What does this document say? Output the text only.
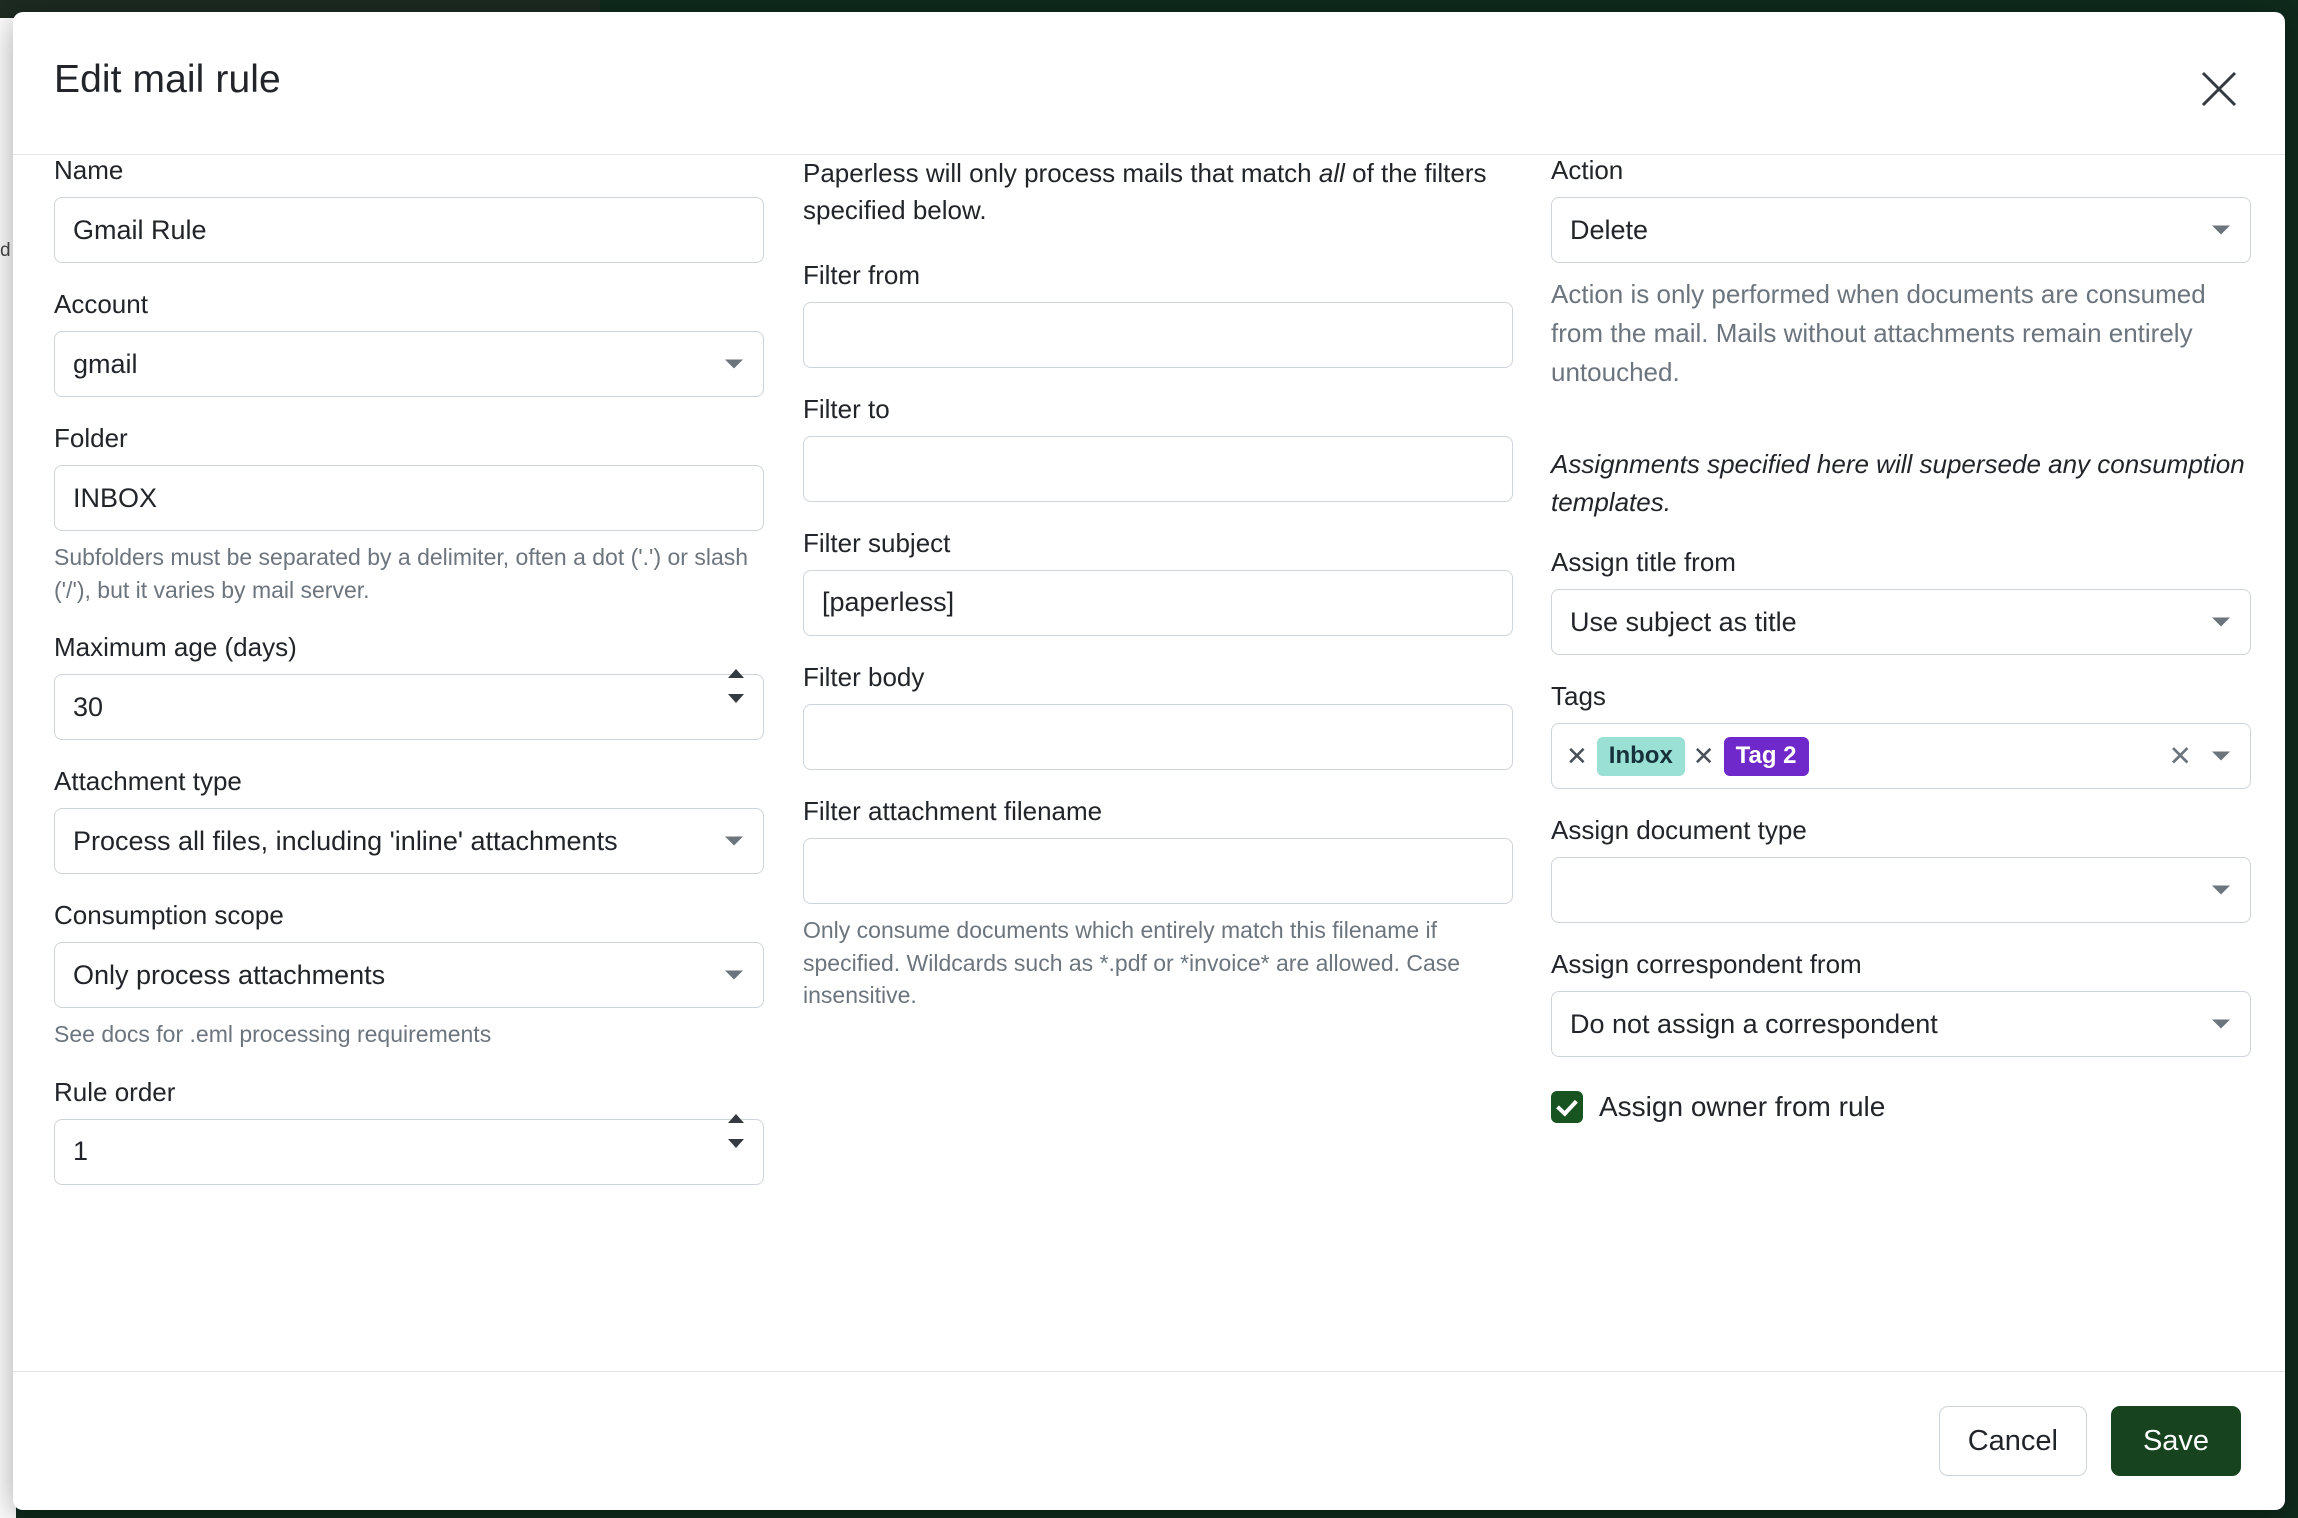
d
Edit mail rule
Name
Gmail Rule
Account
gmail
Folder
INBOX

Subfolders must be separated by a delimiter, often a dot ('.') or slash ('/'), but it varies by mail server.

Maximum age (days)
30
Attachment type
Process all files, including 'inline' attachments
Consumption scope
Only process attachments

See docs for .eml processing requirements

Rule order
1

Paperless will only process mails that match all of the filters specified below.

Filter from
Filter to
Filter subject
[paperless]
Filter body
Filter attachment filename

Only consume documents which entirely match this filename if specified. Wildcards such as *.pdf or *invoice* are allowed. Case insensitive.

Action
Delete

Action is only performed when documents are consumed from the mail. Mails without attachments remain entirely untouched.

Assignments specified here will supersede any consumption templates.

Assign title from
Use subject as title
Tags
✕ Inbox ✕ Tag 2	✕
Assign document type
Assign correspondent from
Do not assign a correspondent
Assign owner from rule
Cancel	Save
